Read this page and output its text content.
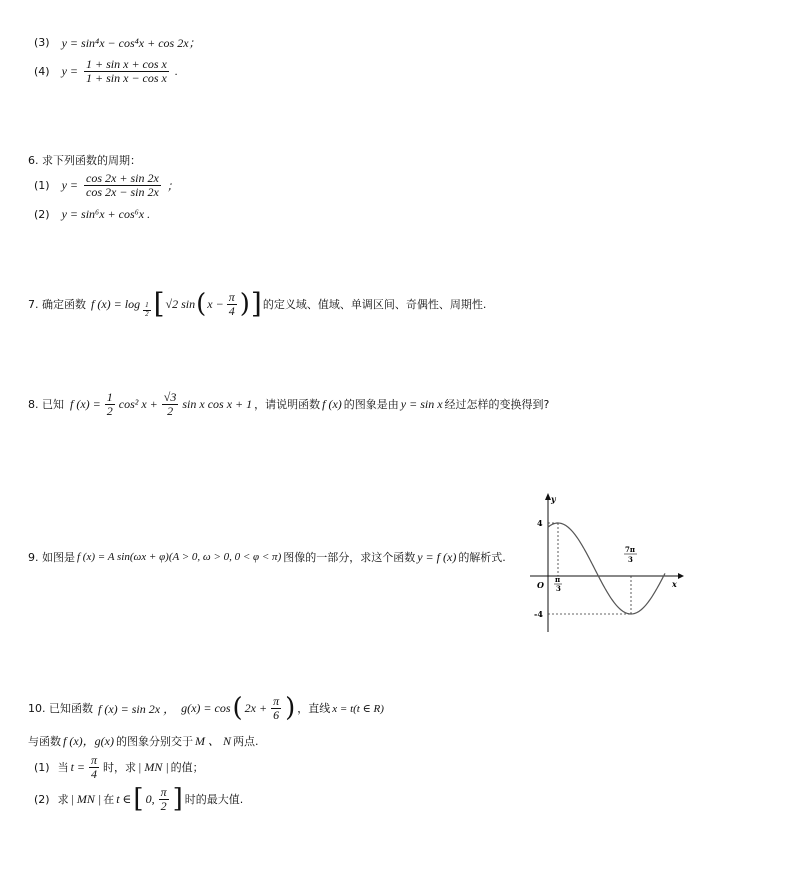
(3) y = sin⁴x − cos⁴x + cos 2x；
(4) $y = \frac{\text{1 + sin x + cos x}}{\text{1 + sin x − cos x}}$ .
6. 求下列函数的周期：
(1) $y = \frac{\cos 2x + \sin 2x}{\cos 2x - \sin 2x}$ ；
(2) y = sin⁶x + cos⁶x .
7. 确定函数 f $(x) = \log \frac{1}{2}$ [ √2 sin ( $x - \frac{\pi}{4}$ ) ] 的定义域、值域、单调区间、奇偶性、周期性.
8. 已知 f $(x) = \frac{1}{2} \cos^2$ $x + \frac{√3}{2}$ sin x cos x + 1 ，请说明函数 f (x) 的图象是由 y = sin x 经过怎样的变换得到?
9. 如图是 f (x) = A sin(ωx + φ)(A > 0, ω > 0, 0 < φ < π) 图像的一部分，求这个函数 y = f (x) 的解析式.
y
x
O
4
-4
π
3
7π
3
10. 已知函数 f (x) = sin 2x ， g(x) = cos ( $2x + \frac{\pi}{6}$ ) ，直线 x = t(t ∈ R)
与函数 f (x)，g(x) 的图象分别交于 M 、 N 两点.
(1) 当 $t = \frac{\pi}{4}$ 时，求 | MN | 的值；
(2) 求 | MN | 在 t ∈ [ 0, $\frac{\pi}{2}$ ] 时的最大值.
